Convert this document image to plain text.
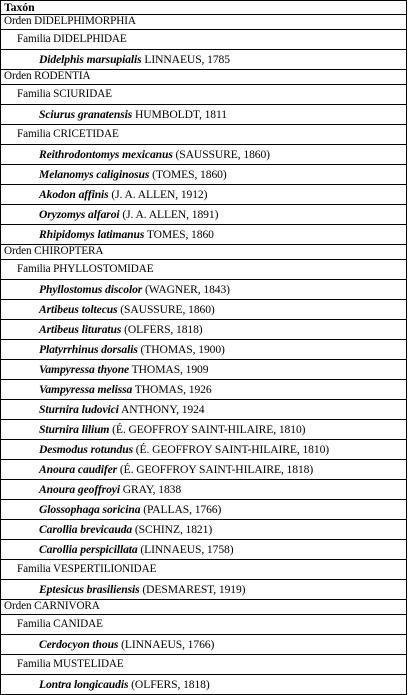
Taxón
Orden DIDELPHIMORPHIA
Familia DIDELPHIDAE
Didelphis marsupialis LINNAEUS, 1785
Orden RODENTIA
Familia SCIURIDAE
Sciurus granatensis HUMBOLDT, 1811
Familia CRICETIDAE
Reithrodontomys mexicanus (SAUSSURE, 1860)
Melanomys caliginosus (TOMES, 1860)
Akodon affinis (J. A. ALLEN, 1912)
Oryzomys alfaroi (J. A. ALLEN, 1891)
Rhipidomys latimanus TOMES, 1860
Orden CHIROPTERA
Familia PHYLLOSTOMIDAE
Phyllostomus discolor (WAGNER, 1843)
Artibeus toltecus (SAUSSURE, 1860)
Artibeus lituratus (OLFERS, 1818)
Platyrrhinus dorsalis (THOMAS, 1900)
Vampyressa thyone THOMAS, 1909
Vampyressa melissa THOMAS, 1926
Sturnira ludovici ANTHONY, 1924
Sturnira lilium (É. GEOFFROY SAINT-HILAIRE, 1810)
Desmodus rotundus (É. GEOFFROY SAINT-HILAIRE, 1810)
Anoura caudifer (É. GEOFFROY SAINT-HILAIRE, 1818)
Anoura geoffroyi GRAY, 1838
Glossophaga soricina (PALLAS, 1766)
Carollia brevicauda (SCHINZ, 1821)
Carollia perspicillata (LINNAEUS, 1758)
Familia VESPERTILIONIDAE
Eptesicus brasiliensis (DESMAREST, 1919)
Orden CARNIVORA
Familia CANIDAE
Cerdocyon thous (LINNAEUS, 1766)
Familia MUSTELIDAE
Lontra longicaudis (OLFERS, 1818)
